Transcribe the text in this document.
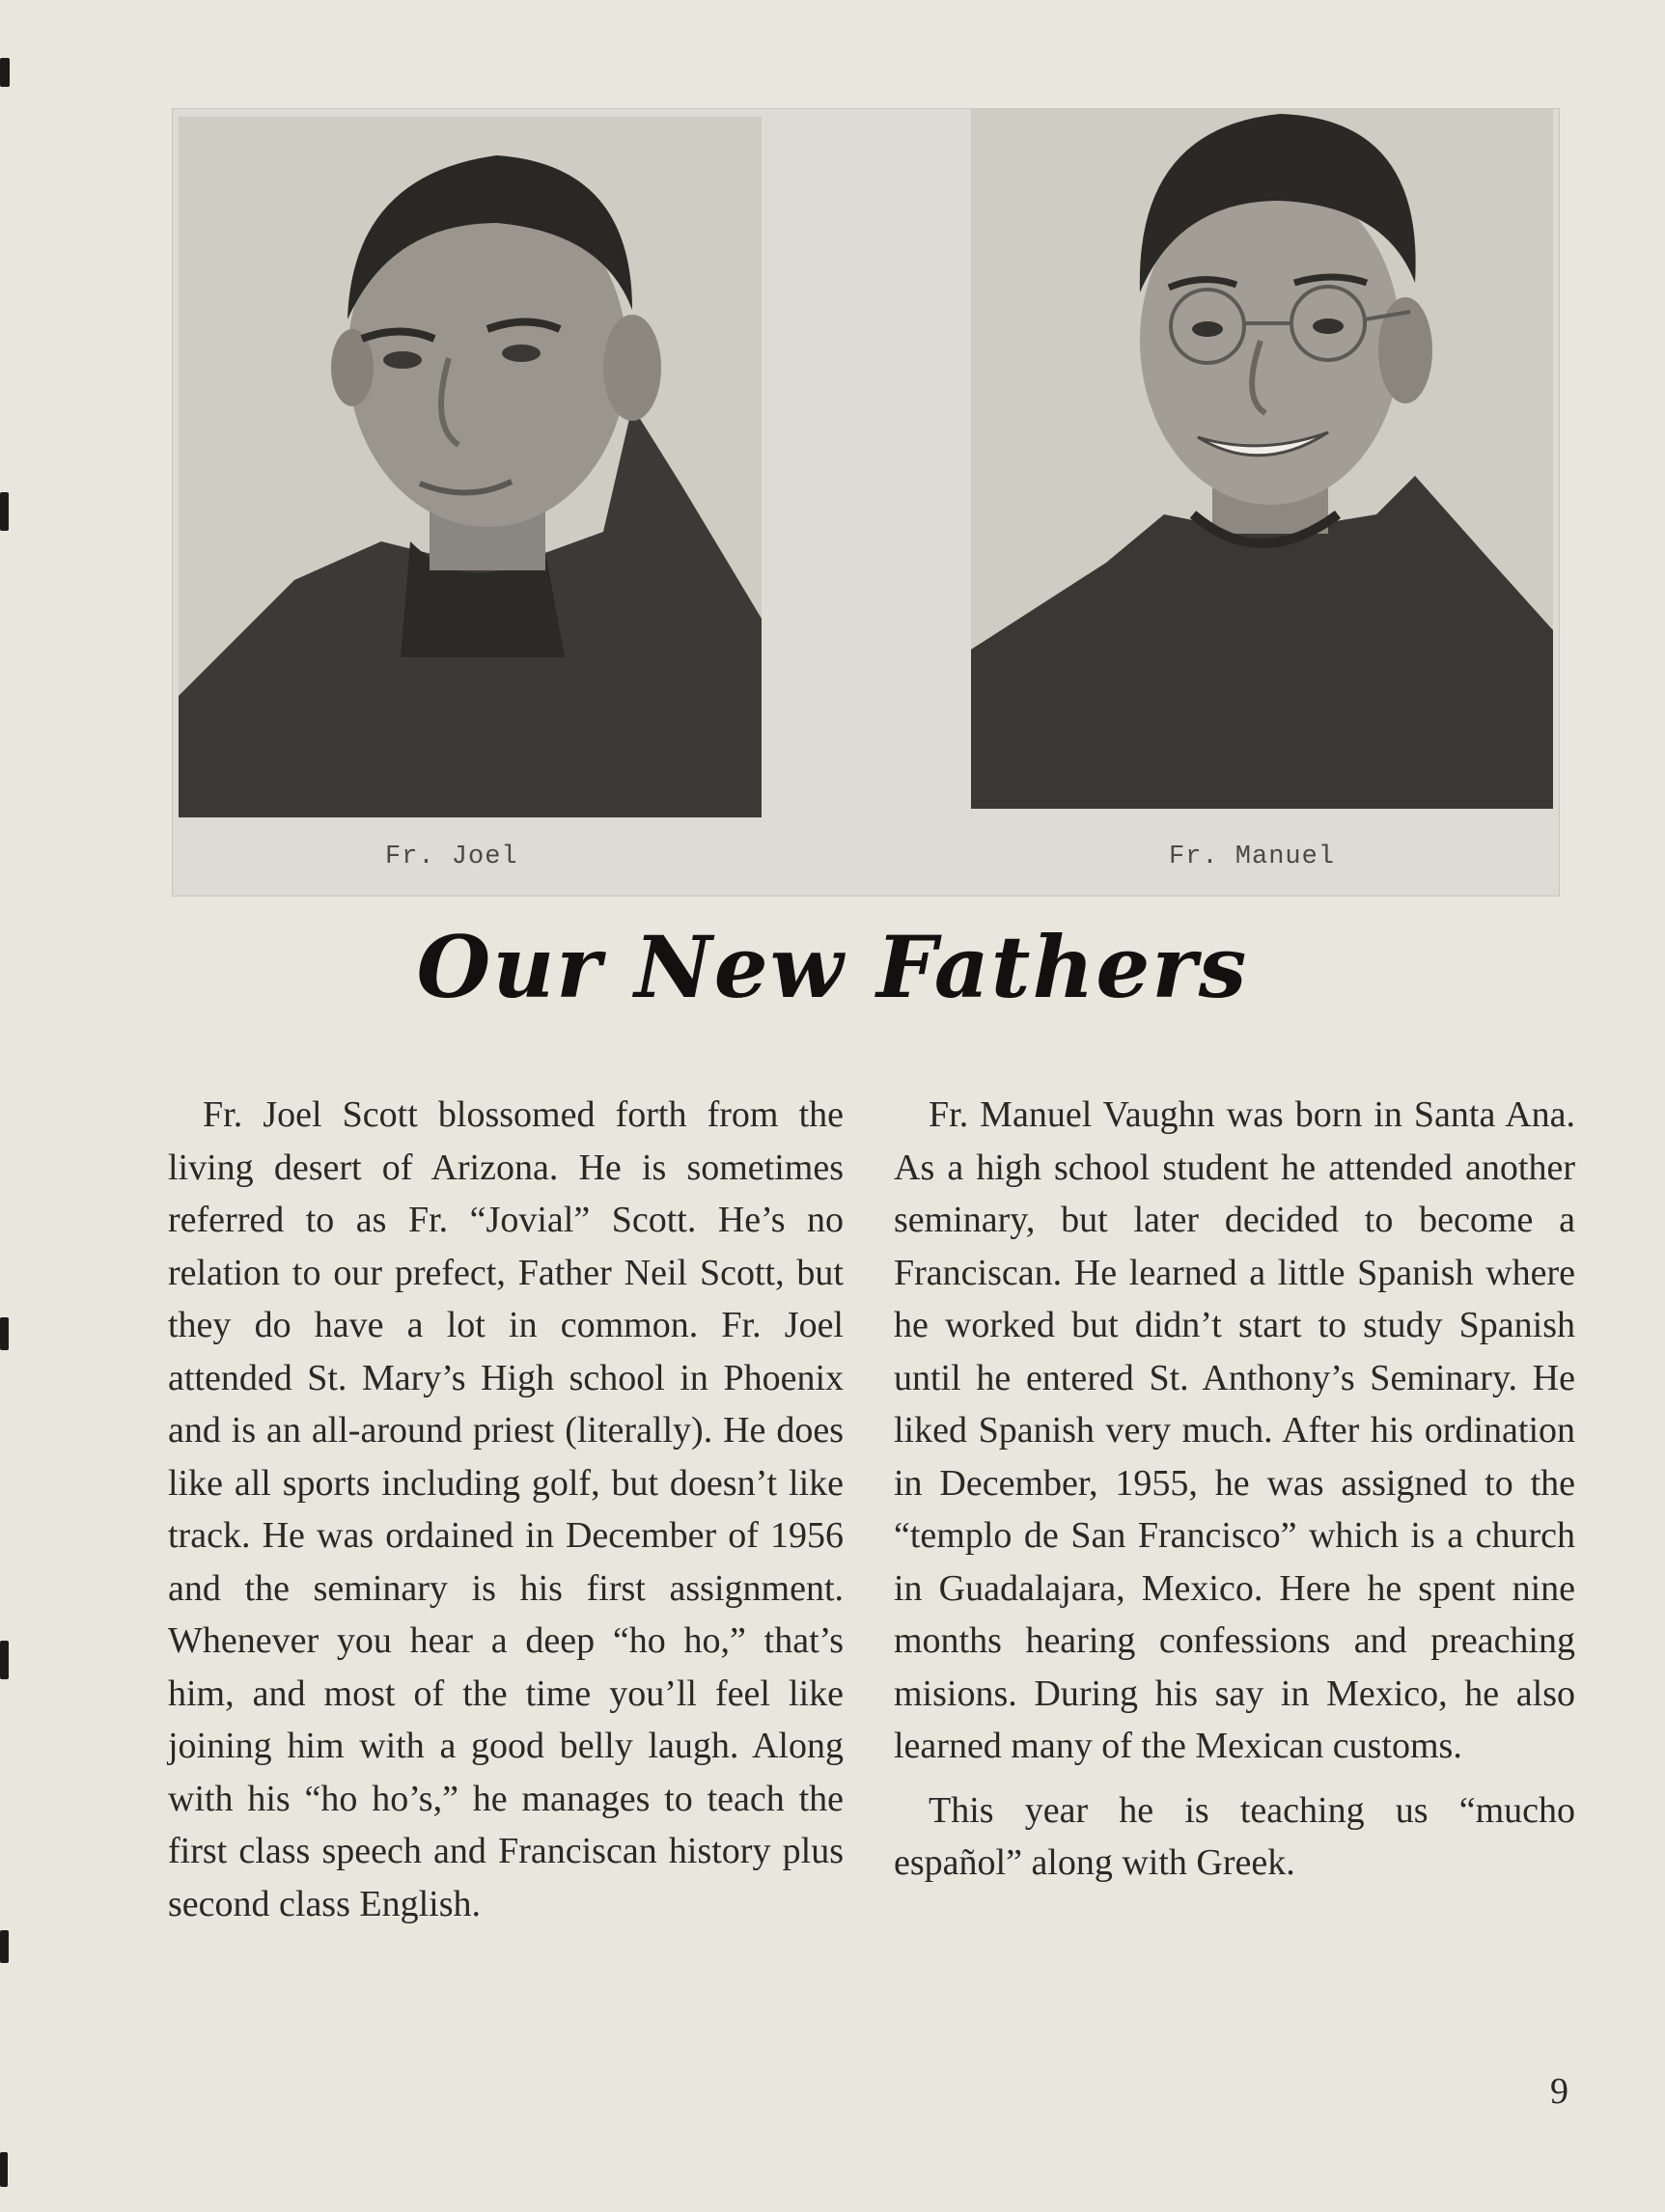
Fr. Joel	Fr. Manuel
Our New Fathers

Fr. Joel Scott blossomed forth from the living desert of Arizona. He is sometimes referred to as Fr. “Jovial” Scott. He’s no relation to our prefect, Father Neil Scott, but they do have a lot in common. Fr. Joel attended St. Mary’s High school in Phoenix and is an all-around priest (literally). He does like all sports including golf, but doesn’t like track. He was ordained in December of 1956 and the seminary is his first assignment. Whenever you hear a deep “ho ho,” that’s him, and most of the time you’ll feel like joining him with a good belly laugh. Along with his “ho ho’s,” he manages to teach the first class speech and Franciscan history plus second class English.

Fr. Manuel Vaughn was born in Santa Ana. As a high school student he attended another seminary, but later decided to become a Franciscan. He learned a little Spanish where he worked but didn’t start to study Spanish until he entered St. Anthony’s Seminary. He liked Spanish very much. After his ordination in December, 1955, he was assigned to the “templo de San Francisco” which is a church in Guadalajara, Mexico. Here he spent nine months hearing confessions and preaching misions. During his say in Mexico, he also learned many of the Mexican customs.

This year he is teaching us “mucho español” along with Greek.

9
